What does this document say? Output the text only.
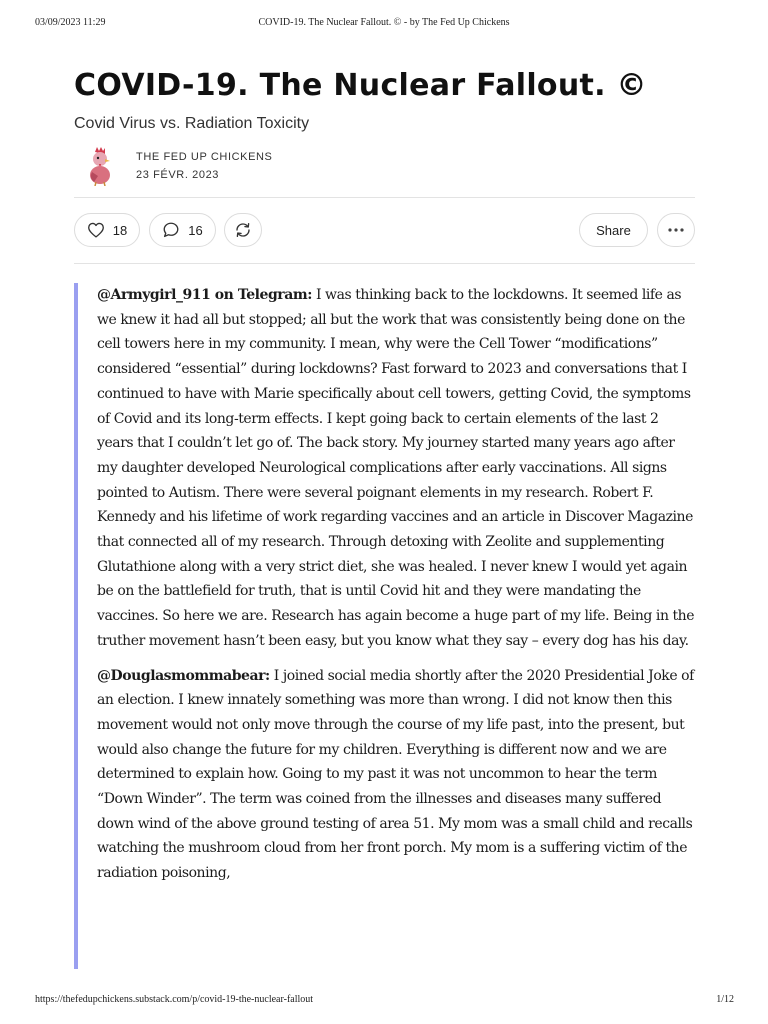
03/09/2023 11:29	COVID-19. The Nuclear Fallout. © - by The Fed Up Chickens
COVID-19. The Nuclear Fallout. ©
Covid Virus vs. Radiation Toxicity
THE FED UP CHICKENS
23 FÉVR. 2023
18	16	Share

@Armygirl_911 on Telegram: I was thinking back to the lockdowns. It seemed life as we knew it had all but stopped; all but the work that was consistently being done on the cell towers here in my community. I mean, why were the Cell Tower “modifications” considered “essential” during lockdowns? Fast forward to 2023 and conversations that I continued to have with Marie specifically about cell towers, getting Covid, the symptoms of Covid and its long-term effects. I kept going back to certain elements of the last 2 years that I couldn’t let go of. The back story. My journey started many years ago after my daughter developed Neurological complications after early vaccinations. All signs pointed to Autism. There were several poignant elements in my research. Robert F. Kennedy and his lifetime of work regarding vaccines and an article in Discover Magazine that connected all of my research. Through detoxing with Zeolite and supplementing Glutathione along with a very strict diet, she was healed. I never knew I would yet again be on the battlefield for truth, that is until Covid hit and they were mandating the vaccines. So here we are. Research has again become a huge part of my life. Being in the truther movement hasn’t been easy, but you know what they say – every dog has his day.

@Douglasmommabear: I joined social media shortly after the 2020 Presidential Joke of an election. I knew innately something was more than wrong. I did not know then this movement would not only move through the course of my life past, into the present, but would also change the future for my children. Everything is different now and we are determined to explain how. Going to my past it was not uncommon to hear the term “Down Winder”. The term was coined from the illnesses and diseases many suffered down wind of the above ground testing of area 51. My mom was a small child and recalls watching the mushroom cloud from her front porch. My mom is a suffering victim of the radiation poisoning,

https://thefedupchickens.substack.com/p/covid-19-the-nuclear-fallout	1/12
